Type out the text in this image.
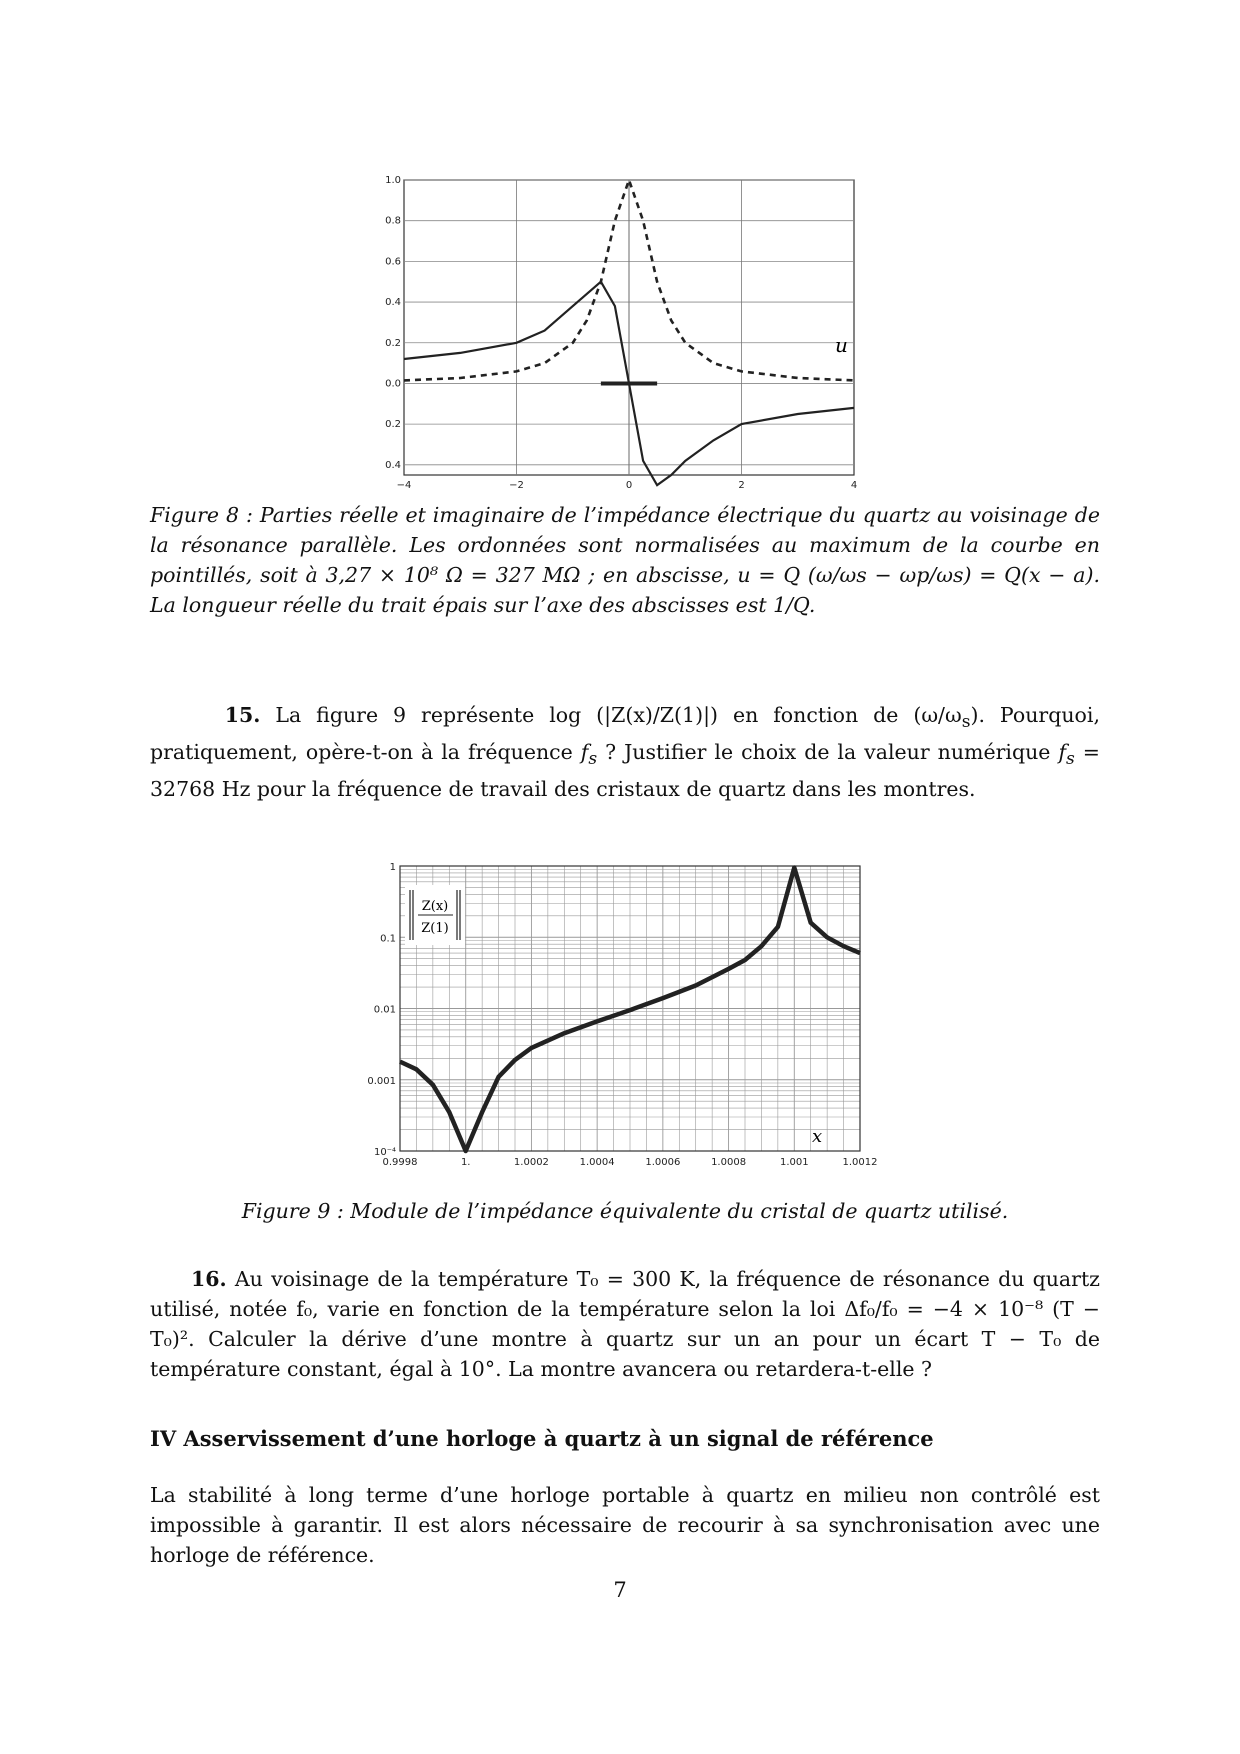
1.0
0.8
0.6
0.4
0.2
0.0
0.2
0.4
−4	−2	0	2	4
u
Figure 8 : Parties réelle et imaginaire de l’impédance électrique du quartz au voisinage de la résonance parallèle. Les ordonnées sont normalisées au maximum de la courbe en pointillés, soit à 3,27 × 10⁸ Ω = 327 MΩ ; en abscisse, u = Q (ω/ωs − ωp/ωs) = Q(x − a). La longueur réelle du trait épais sur l’axe des abscisses est 1/Q.
15. La figure 9 représente log (|Z(x)/Z(1)|) en fonction de $(\omega/\omega_s)$. Pourquoi, pratiquement, opère-t-on à la fréquence $f_s$ ? Justifier le choix de la valeur numérique $f_s = 32768$ Hz pour la fréquence de travail des cristaux de quartz dans les montres.
1
0.1
0.01
0.001
10⁻⁴
0.9998	1.	1.0002	1.0004	1.0006	1.0008	1.001	1.0012
Z(x)
Z(1)
x
Figure 9 : Module de l’impédance équivalente du cristal de quartz utilisé.
16. Au voisinage de la température T₀ = 300 K, la fréquence de résonance du quartz utilisé, notée f₀, varie en fonction de la température selon la loi Δf₀/f₀ = −4 × 10⁻⁸ (T − T₀)². Calculer la dérive d’une montre à quartz sur un an pour un écart T − T₀ de température constant, égal à 10°. La montre avancera ou retardera-t-elle ?
IV Asservissement d’une horloge à quartz à un signal de référence
La stabilité à long terme d’une horloge portable à quartz en milieu non contrôlé est impossible à garantir. Il est alors nécessaire de recourir à sa synchronisation avec une horloge de référence.
7
